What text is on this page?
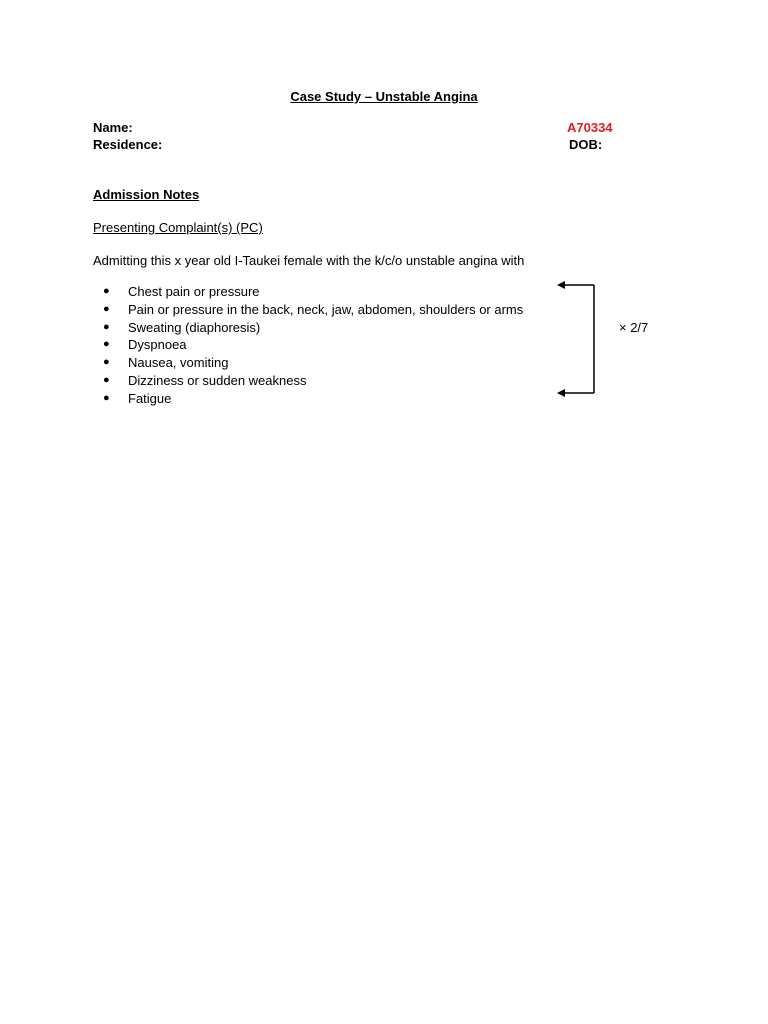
Case Study – Unstable Angina
Name:
Residence:
A70334
DOB:
Admission Notes
Presenting Complaint(s) (PC)
Admitting this x year old I-Taukei female with the k/c/o unstable angina with
● Chest pain or pressure
● Pain or pressure in the back, neck, jaw, abdomen, shoulders or arms
● Sweating (diaphoresis)
● Dyspnoea
● Nausea, vomiting
● Dizziness or sudden weakness
● Fatigue
× 2/7
